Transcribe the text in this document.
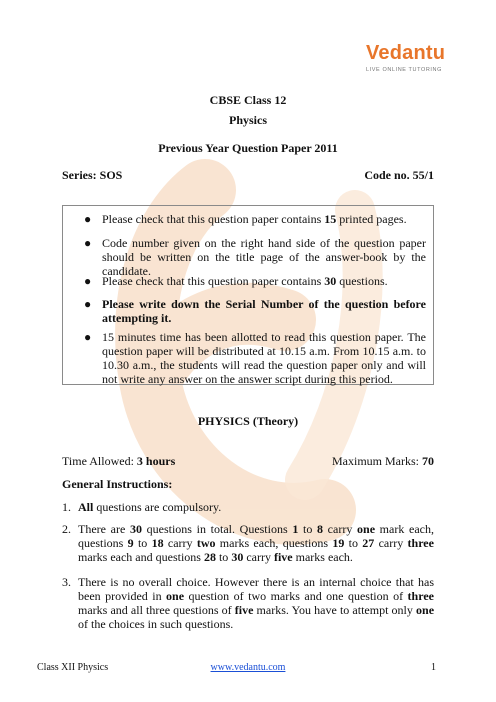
Vedantu
LIVE ONLINE TUTORING
CBSE Class 12
Physics
Previous Year Question Paper 2011
Series: SOS	Code no. 55/1
● Please check that this question paper contains 15 printed pages.
● Code number given on the right hand side of the question paper should be written on the title page of the answer-book by the candidate.
● Please check that this question paper contains 30 questions.
● Please write down the Serial Number of the question before attempting it.
● 15 minutes time has been allotted to read this question paper. The question paper will be distributed at 10.15 a.m. From 10.15 a.m. to 10.30 a.m., the students will read the question paper only and will not write any answer on the answer script during this period.
PHYSICS (Theory)
Time Allowed: 3 hours	Maximum Marks: 70
General Instructions:
1. All questions are compulsory.
2. There are 30 questions in total. Questions 1 to 8 carry one mark each, questions 9 to 18 carry two marks each, questions 19 to 27 carry three marks each and questions 28 to 30 carry five marks each.
3. There is no overall choice. However there is an internal choice that has been provided in one question of two marks and one question of three marks and all three questions of five marks. You have to attempt only one of the choices in such questions.
Class XII Physics	www.vedantu.com	1
